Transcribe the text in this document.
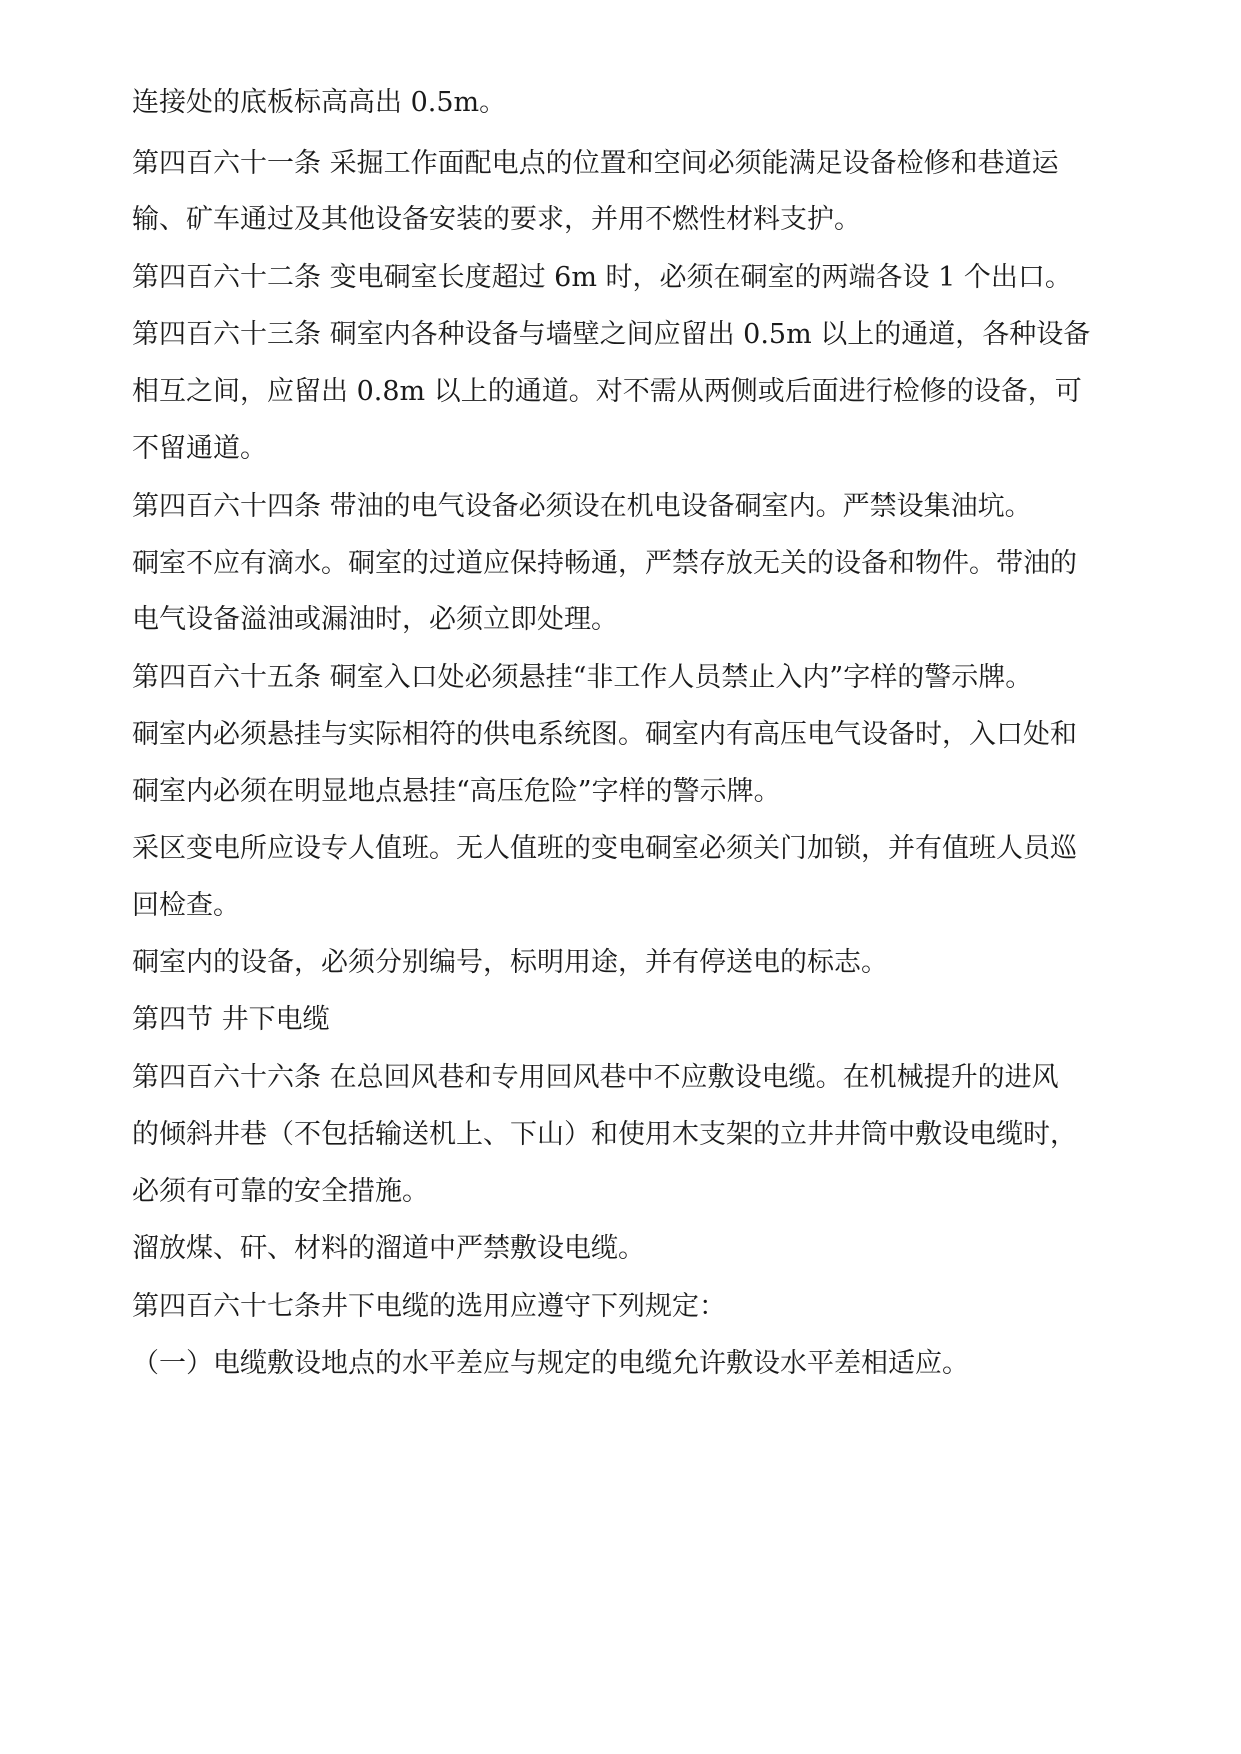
连接处的底板标高高出 0.5m。

第四百六十一条 采掘工作面配电点的位置和空间必须能满足设备检修和巷道运

输、矿车通过及其他设备安装的要求，并用不燃性材料支护。

第四百六十二条 变电硐室长度超过 6m 时，必须在硐室的两端各设 1 个出口。

第四百六十三条 硐室内各种设备与墙壁之间应留出 0.5m 以上的通道，各种设备

相互之间，应留出 0.8m 以上的通道。对不需从两侧或后面进行检修的设备，可

不留通道。

第四百六十四条 带油的电气设备必须设在机电设备硐室内。严禁设集油坑。

硐室不应有滴水。硐室的过道应保持畅通，严禁存放无关的设备和物件。带油的

电气设备溢油或漏油时，必须立即处理。

第四百六十五条 硐室入口处必须悬挂“非工作人员禁止入内”字样的警示牌。

硐室内必须悬挂与实际相符的供电系统图。硐室内有高压电气设备时，入口处和

硐室内必须在明显地点悬挂“高压危险”字样的警示牌。

采区变电所应设专人值班。无人值班的变电硐室必须关门加锁，并有值班人员巡

回检查。

硐室内的设备，必须分别编号，标明用途，并有停送电的标志。

第四节 井下电缆

第四百六十六条 在总回风巷和专用回风巷中不应敷设电缆。在机械提升的进风

的倾斜井巷（不包括输送机上、下山）和使用木支架的立井井筒中敷设电缆时，

必须有可靠的安全措施。

溜放煤、矸、材料的溜道中严禁敷设电缆。

第四百六十七条井下电缆的选用应遵守下列规定：

（一）电缆敷设地点的水平差应与规定的电缆允许敷设水平差相适应。
